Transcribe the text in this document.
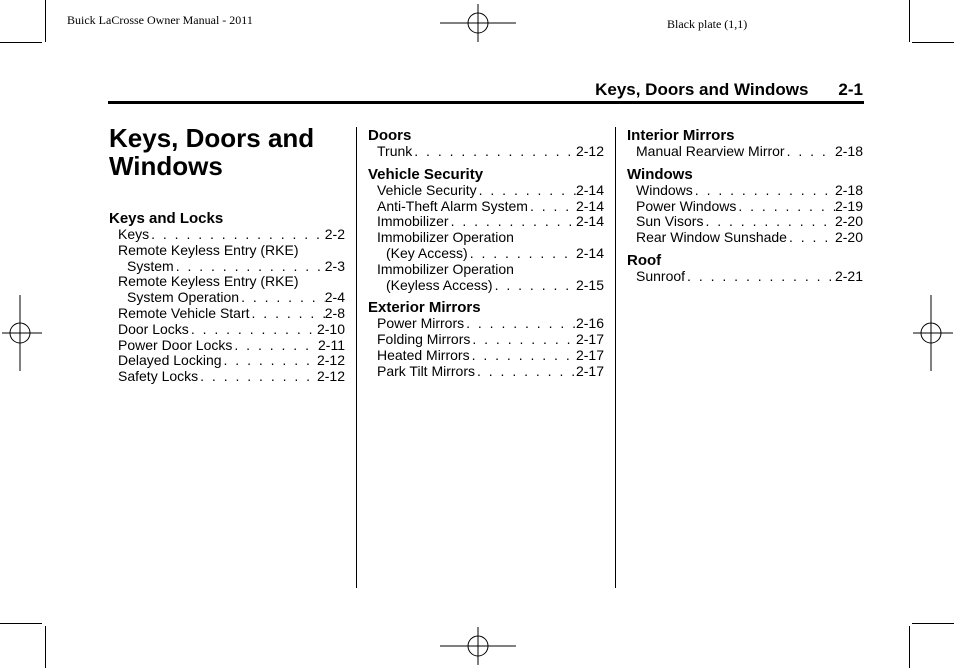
Buick LaCrosse Owner Manual - 2011	Black plate (1,1)
Keys, Doors and Windows 2-1
Keys, Doors and Windows
Keys and Locks
Keys . . .	2-2
Remote Keyless Entry (RKE)
System . . .	2-3
Remote Keyless Entry (RKE)
System Operation . . .	2-4
Remote Vehicle Start . . .	2-8
Door Locks . . .	2-10
Power Door Locks . . .	2-11
Delayed Locking . . .	2-12
Safety Locks . . .	2-12
Doors
Trunk . . .	2-12
Vehicle Security
Vehicle Security . . .	2-14
Anti-Theft Alarm System . . .	2-14
Immobilizer . . .	2-14
Immobilizer Operation
(Key Access) . . .	2-14
Immobilizer Operation
(Keyless Access) . . .	2-15
Exterior Mirrors
Power Mirrors . . .	2-16
Folding Mirrors . . .	2-17
Heated Mirrors . . .	2-17
Park Tilt Mirrors . . .	2-17
Interior Mirrors
Manual Rearview Mirror . . .	2-18
Windows
Windows . . .	2-18
Power Windows . . .	2-19
Sun Visors . . .	2-20
Rear Window Sunshade . . .	2-20
Roof
Sunroof . . .	2-21
